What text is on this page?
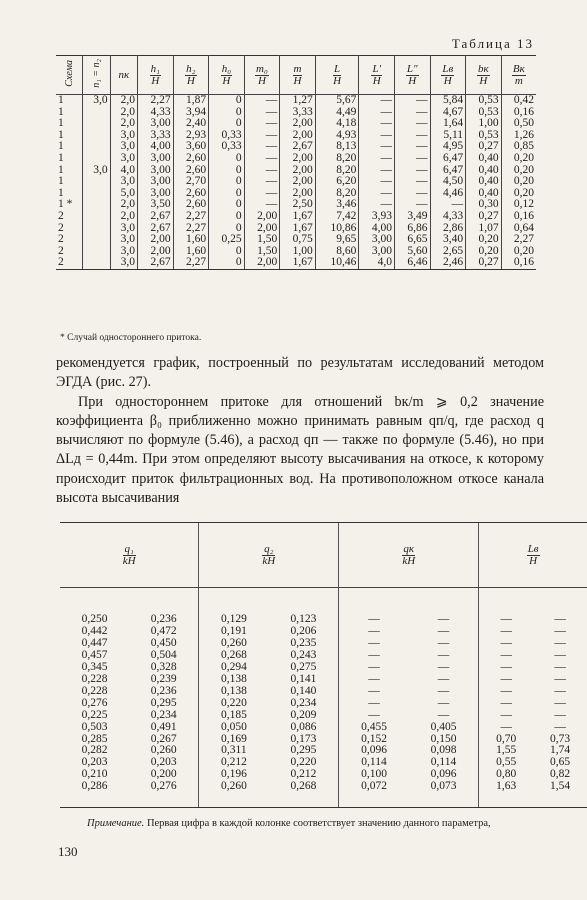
Таблица 13
Схема	n₁ = n₂	nк	$\frac{\text{h₁}}{H}$	$\frac{\text{h₂}}{H}$	$\frac{\text{h₀}}{H}$	$\frac{\text{m₀}}{H}$	$\frac{m}{H}$	$\frac{L}{H}$	$\frac{L'}{H}$	$\frac{L"}{H}$	$\frac{Lв}{H}$	$\frac{bк}{H}$	$\frac{Bк}{m}$

1	3,0	2,0	2,27	1,87	0	—	1,27	5,67	—	—	5,84	0,53	0,42
1		2,0	4,33	3,94	0	—	3,33	4,49	—	—	4,67	0,53	0,16
1		2,0	3,00	2,40	0	—	2,00	4,18	—	—	1,64	1,00	0,50
1		3,0	3,33	2,93	0,33	—	2,00	4,93	—	—	5,11	0,53	1,26
1		3,0	4,00	3,60	0,33	—	2,67	8,13	—	—	4,95	0,27	0,85
1		3,0	3,00	2,60	0	—	2,00	8,20	—	—	6,47	0,40	0,20
1	3,0	4,0	3,00	2,60	0	—	2,00	8,20	—	—	6,47	0,40	0,20
1		3,0	3,00	2,70	0	—	2,00	6,20	—	—	4,50	0,40	0,20
1		5,0	3,00	2,60	0	—	2,00	8,20	—	—	4,46	0,40	0,20
1 *		2,0	3,50	2,60	0	—	2,50	3,46	—	—	—	0,30	0,12
2		2,0	2,67	2,27	0	2,00	1,67	7,42	3,93	3,49	4,33	0,27	0,16
2		3,0	2,67	2,27	0	2,00	1,67	10,86	4,00	6,86	2,86	1,07	0,64
2		3,0	2,00	1,60	0,25	1,50	0,75	9,65	3,00	6,65	3,40	0,20	2,27
2		3,0	2,00	1,60	0	1,50	1,00	8,60	3,00	5,60	2,65	0,20	0,20
2		3,0	2,67	2,27	0	2,00	1,67	10,46	4,0	6,46	2,46	0,27	0,16
* Случай одностороннего притока.

рекомендуется график, построенный по результатам исследований методом ЭГДА (рис. 27).

При одностороннем притоке для отношений bк/m ⩾ 0,2 значение коэффициента β₀ приближенно можно принимать равным qп/q, где расход q вычисляют по формуле (5.46), а расход qп — также по формуле (5.46), но при ΔLд = 0,44m. При этом определяют высоту высачивания на откосе, к которому происходит приток фильтрационных вод. На противоположном откосе канала высота высачивания

$\frac{\text{q₁}}{kH}$	$\frac{\text{q₂}}{kH}$	$\frac{qк}{kH}$	$\frac{Lв}{H}$

0,250 0,236	0,129 0,123	— —	— —

0,442 0,472	0,191 0,206	— —	— —

0,447 0,450	0,260 0,235	— —	— —

0,457 0,504	0,268 0,243	— —	— —

0,345 0,328	0,294 0,275	— —	— —

0,228 0,239	0,138 0,141	— —	— —

0,228 0,236	0,138 0,140	— —	— —

0,276 0,295	0,220 0,234	— —	— —

0,225 0,234	0,185 0,209	— —	— —

0,503 0,491	0,050 0,086	0,455 0,405	— —

0,285 0,267	0,169 0,173	0,152 0,150	0,70 0,73

0,282 0,260	0,311 0,295	0,096 0,098	1,55 1,74

0,203 0,203	0,212 0,220	0,114 0,114	0,55 0,65

0,210 0,200	0,196 0,212	0,100 0,096	0,80 0,82

0,286 0,276	0,260 0,268	0,072 0,073	1,63 1,54
Примечание. Первая цифра в каждой колонке соответствует значению данного параметра,
130
